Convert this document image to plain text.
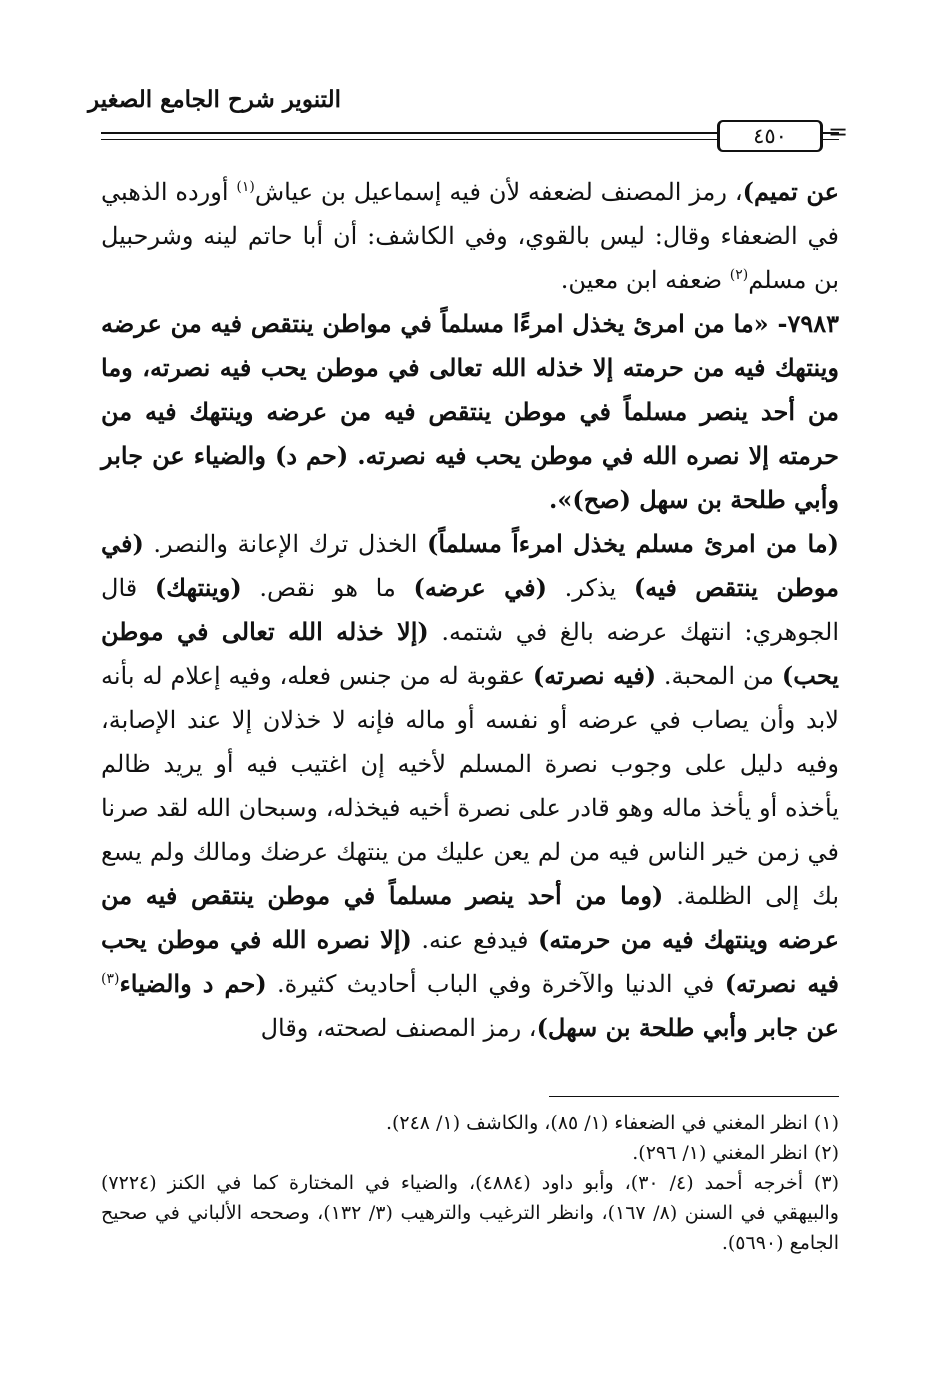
التنوير شرح الجامع الصغير
٤٥٠	=

عن تميم)، رمز المصنف لضعفه لأن فيه إسماعيل بن عياش$^{(١)}$ أورده الذهبي في الضعفاء وقال: ليس بالقوي، وفي الكاشف: أن أبا حاتم لينه وشرحبيل بن مسلم$^{(٢)}$ ضعفه ابن معين.

٧٩٨٣- «ما من امرئ يخذل امرءًا مسلماً في مواطن ينتقص فيه من عرضه وينتهك فيه من حرمته إلا خذله الله تعالى في موطن يحب فيه نصرته، وما من أحد ينصر مسلماً في موطن ينتقص فيه من عرضه وينتهك فيه من حرمته إلا نصره الله في موطن يحب فيه نصرته. (حم د) والضياء عن جابر وأبي طلحة بن سهل (صح)».

(ما من امرئ مسلم يخذل امرءاً مسلماً) الخذل ترك الإعانة والنصر. (في موطن ينتقص فيه) يذكر. (في عرضه) ما هو نقص. (وينتهك) قال الجوهري: انتهك عرضه بالغ في شتمه. (إلا خذله الله تعالى في موطن يحب) من المحبة. (فيه نصرته) عقوبة له من جنس فعله، وفيه إعلام له بأنه لابد وأن يصاب في عرضه أو نفسه أو ماله فإنه لا خذلان إلا عند الإصابة، وفيه دليل على وجوب نصرة المسلم لأخيه إن اغتيب فيه أو يريد ظالم يأخذه أو يأخذ ماله وهو قادر على نصرة أخيه فيخذله، وسبحان الله لقد صرنا في زمن خير الناس فيه من لم يعن عليك من ينتهك عرضك ومالك ولم يسع بك إلى الظلمة. (وما من أحد ينصر مسلماً في موطن ينتقص فيه من عرضه وينتهك فيه من حرمته) فيدفع عنه. (إلا نصره الله في موطن يحب فيه نصرته) في الدنيا والآخرة وفي الباب أحاديث كثيرة. (حم د والضياء$^{(٣)}$ عن جابر وأبي طلحة بن سهل)، رمز المصنف لصحته، وقال

(١) انظر المغني في الضعفاء (١/ ٨٥)، والكاشف (١/ ٢٤٨).

(٢) انظر المغني (١/ ٢٩٦).

(٣) أخرجه أحمد (٤/ ٣٠)، وأبو داود (٤٨٨٤)، والضياء في المختارة كما في الكنز (٧٢٢٤) والبيهقي في السنن (٨/ ١٦٧)، وانظر الترغيب والترهيب (٣/ ١٣٢)، وصححه الألباني في صحيح الجامع (٥٦٩٠).
